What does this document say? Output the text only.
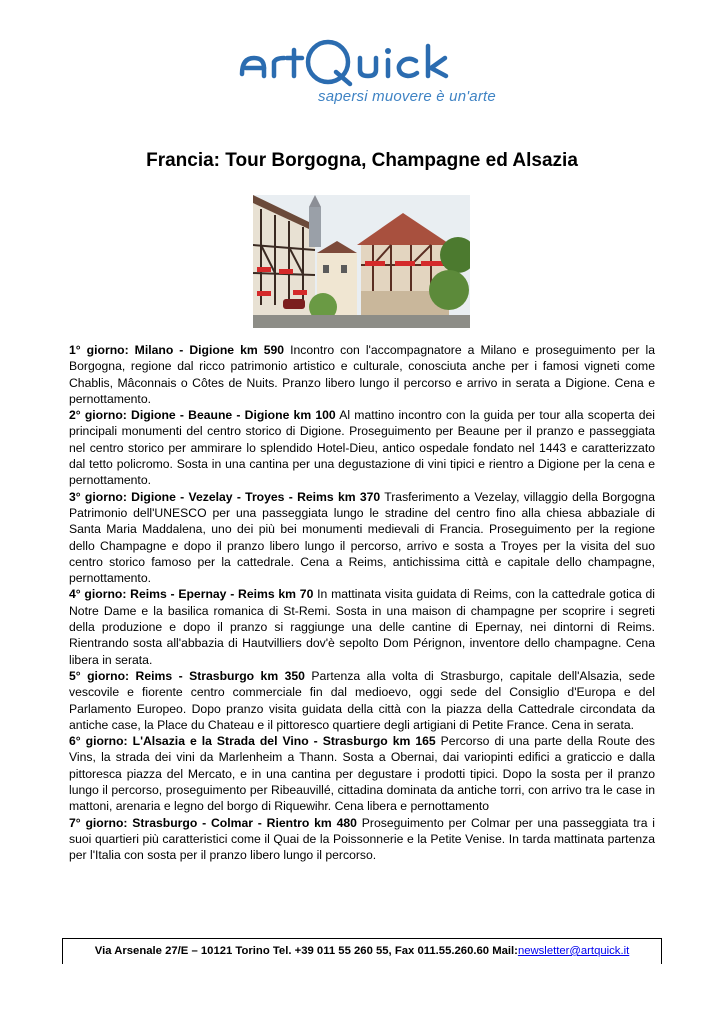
sapersi muovere è un'arte
Francia: Tour Borgogna, Champagne ed Alsazia

1° giorno: Milano - Digione km 590 Incontro con l'accompagnatore a Milano e proseguimento per la Borgogna, regione dal ricco patrimonio artistico e culturale, conosciuta anche per i famosi vigneti come Chablis, Mâconnais o Côtes de Nuits. Pranzo libero lungo il percorso e arrivo in serata a Digione. Cena e pernottamento.

2° giorno: Digione - Beaune - Digione km 100 Al mattino incontro con la guida per tour alla scoperta dei principali monumenti del centro storico di Digione. Proseguimento per Beaune per il pranzo e passeggiata nel centro storico per ammirare lo splendido Hotel-Dieu, antico ospedale fondato nel 1443 e caratterizzato dal tetto policromo. Sosta in una cantina per una degustazione di vini tipici e rientro a Digione per la cena e pernottamento.

3° giorno: Digione - Vezelay - Troyes - Reims km 370 Trasferimento a Vezelay, villaggio della Borgogna Patrimonio dell'UNESCO per una passeggiata lungo le stradine del centro fino alla chiesa abbaziale di Santa Maria Maddalena, uno dei più bei monumenti medievali di Francia. Proseguimento per la regione dello Champagne e dopo il pranzo libero lungo il percorso, arrivo e sosta a Troyes per la visita del suo centro storico famoso per la cattedrale. Cena a Reims, antichissima città e capitale dello champagne, pernottamento.

4° giorno: Reims - Epernay - Reims km 70 In mattinata visita guidata di Reims, con la cattedrale gotica di Notre Dame e la basilica romanica di St-Remi. Sosta in una maison di champagne per scoprire i segreti della produzione e dopo il pranzo si raggiunge una delle cantine di Epernay, nei dintorni di Reims. Rientrando sosta all'abbazia di Hautvilliers dov'è sepolto Dom Pérignon, inventore dello champagne. Cena libera in serata.

5° giorno: Reims - Strasburgo km 350 Partenza alla volta di Strasburgo, capitale dell'Alsazia, sede vescovile e fiorente centro commerciale fin dal medioevo, oggi sede del Consiglio d'Europa e del Parlamento Europeo. Dopo pranzo visita guidata della città con la piazza della Cattedrale circondata da antiche case, la Place du Chateau e il pittoresco quartiere degli artigiani di Petite France. Cena in serata.

6° giorno: L'Alsazia e la Strada del Vino - Strasburgo km 165 Percorso di una parte della Route des Vins, la strada dei vini da Marlenheim a Thann. Sosta a Obernai, dai variopinti edifici a graticcio e dalla pittoresca piazza del Mercato, e in una cantina per degustare i prodotti tipici. Dopo la sosta per il pranzo lungo il percorso, proseguimento per Ribeauvillé, cittadina dominata da antiche torri, con arrivo tra le case in mattoni, arenaria e legno del borgo di Riquewihr. Cena libera e pernottamento

7° giorno: Strasburgo - Colmar - Rientro km 480 Proseguimento per Colmar per una passeggiata tra i suoi quartieri più caratteristici come il Quai de la Poissonnerie e la Petite Venise. In tarda mattinata partenza per l'Italia con sosta per il pranzo libero lungo il percorso.

Via Arsenale 27/E – 10121 Torino Tel. +39 011 55 260 55, Fax 011.55.260.60 Mail:newsletter@artquick.it
